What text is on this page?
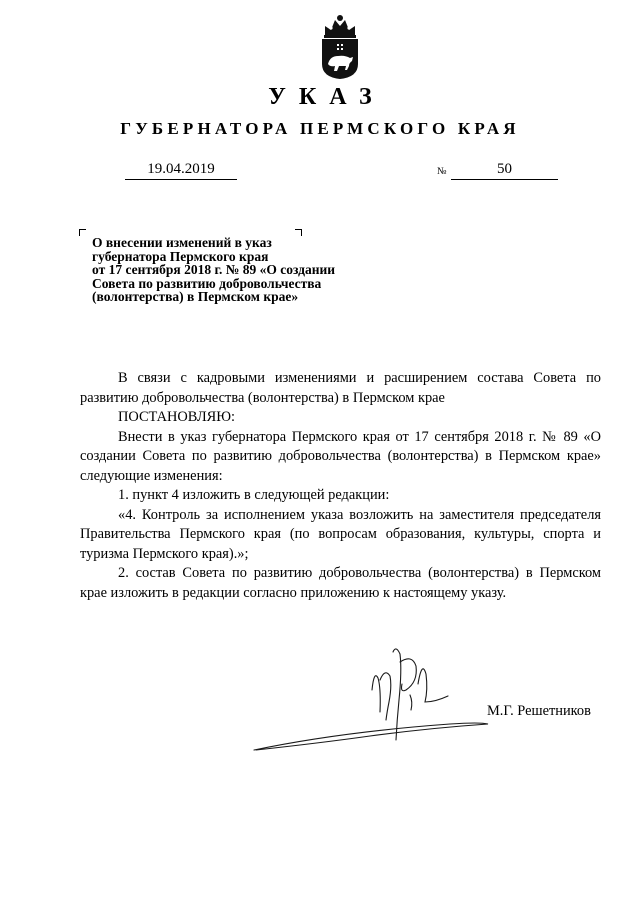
УКАЗ
ГУБЕРНАТОРА ПЕРМСКОГО КРАЯ
19.04.2019	№	50
О внесении изменений в указ
губернатора Пермского края
от 17 сентября 2018 г. № 89 «О создании
Совета по развитию добровольчества
(волонтерства) в Пермском крае»

В связи с кадровыми изменениями и расширением состава Совета по развитию добровольчества (волонтерства) в Пермском крае

ПОСТАНОВЛЯЮ:

Внести в указ губернатора Пермского края от 17 сентября 2018 г. № 89 «О создании Совета по развитию добровольчества (волонтерства) в Пермском крае» следующие изменения:

1. пункт 4 изложить в следующей редакции:

«4. Контроль за исполнением указа возложить на заместителя председателя Правительства Пермского края (по вопросам образования, культуры, спорта и туризма Пермского края).»;

2. состав Совета по развитию добровольчества (волонтерства) в Пермском крае изложить в редакции согласно приложению к настоящему указу.

М.Г. Решетников
